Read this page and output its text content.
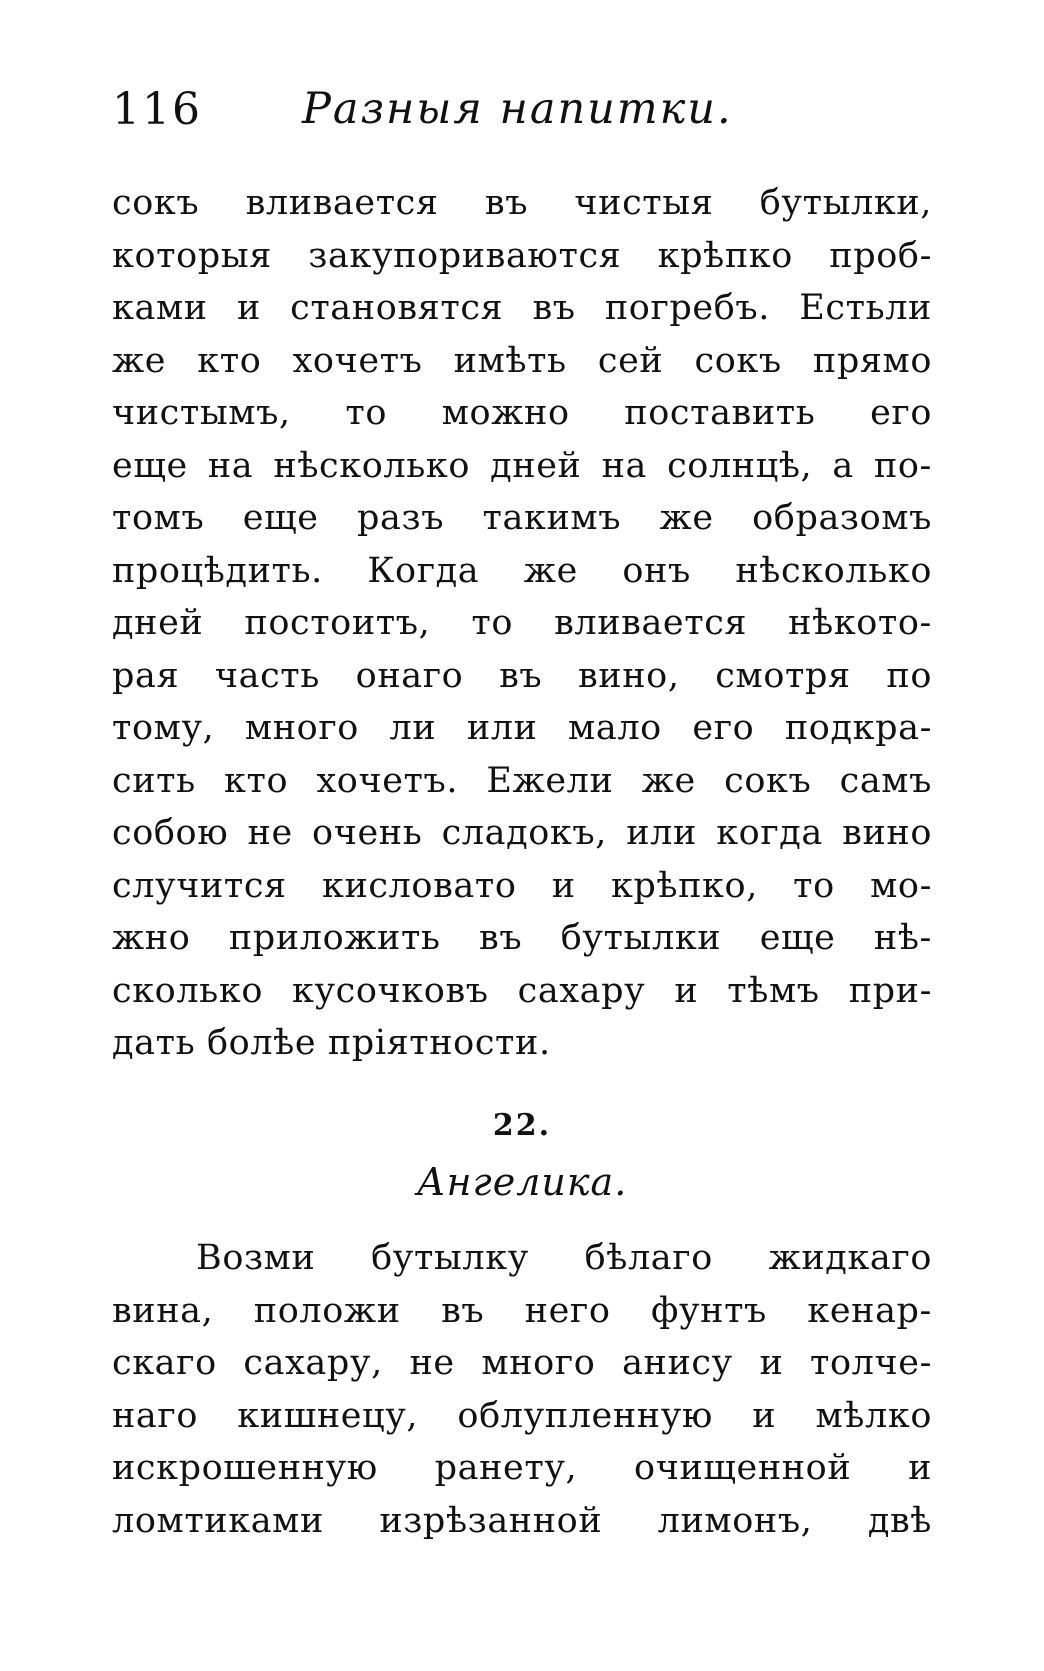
116 Разныя напитки.
сокъ вливается въ чистыя бутылки,
которыя закупориваются крѣпко проб-
ками и становятся въ погребъ. Естьли
же кто хочетъ имѣть сей сокъ прямо
чистымъ, то можно поставить его
еще на нѣсколько дней на солнцѣ, а по-
томъ еще разъ такимъ же образомъ
процѣдить. Когда же онъ нѣсколько
дней постоитъ, то вливается нѣкото-
рая часть онаго въ вино, смотря по
тому, много ли или мало его подкра-
сить кто хочетъ. Ежели же сокъ самъ
собою не очень сладокъ, или когда вино
случится кисловато и крѣпко, то мо-
жно приложить въ бутылки еще нѣ-
сколько кусочковъ сахару и тѣмъ при-
дать болѣе пріятности.
22.
Ангелика.
Возми бутылку бѣлаго жидкаго
вина, положи въ него фунтъ кенар-
скаго сахару, не много анису и толче-
наго кишнецу, облупленную и мѣлко
искрошенную ранету, очищенной и
ломтиками изрѣзанной лимонъ, двѣ
